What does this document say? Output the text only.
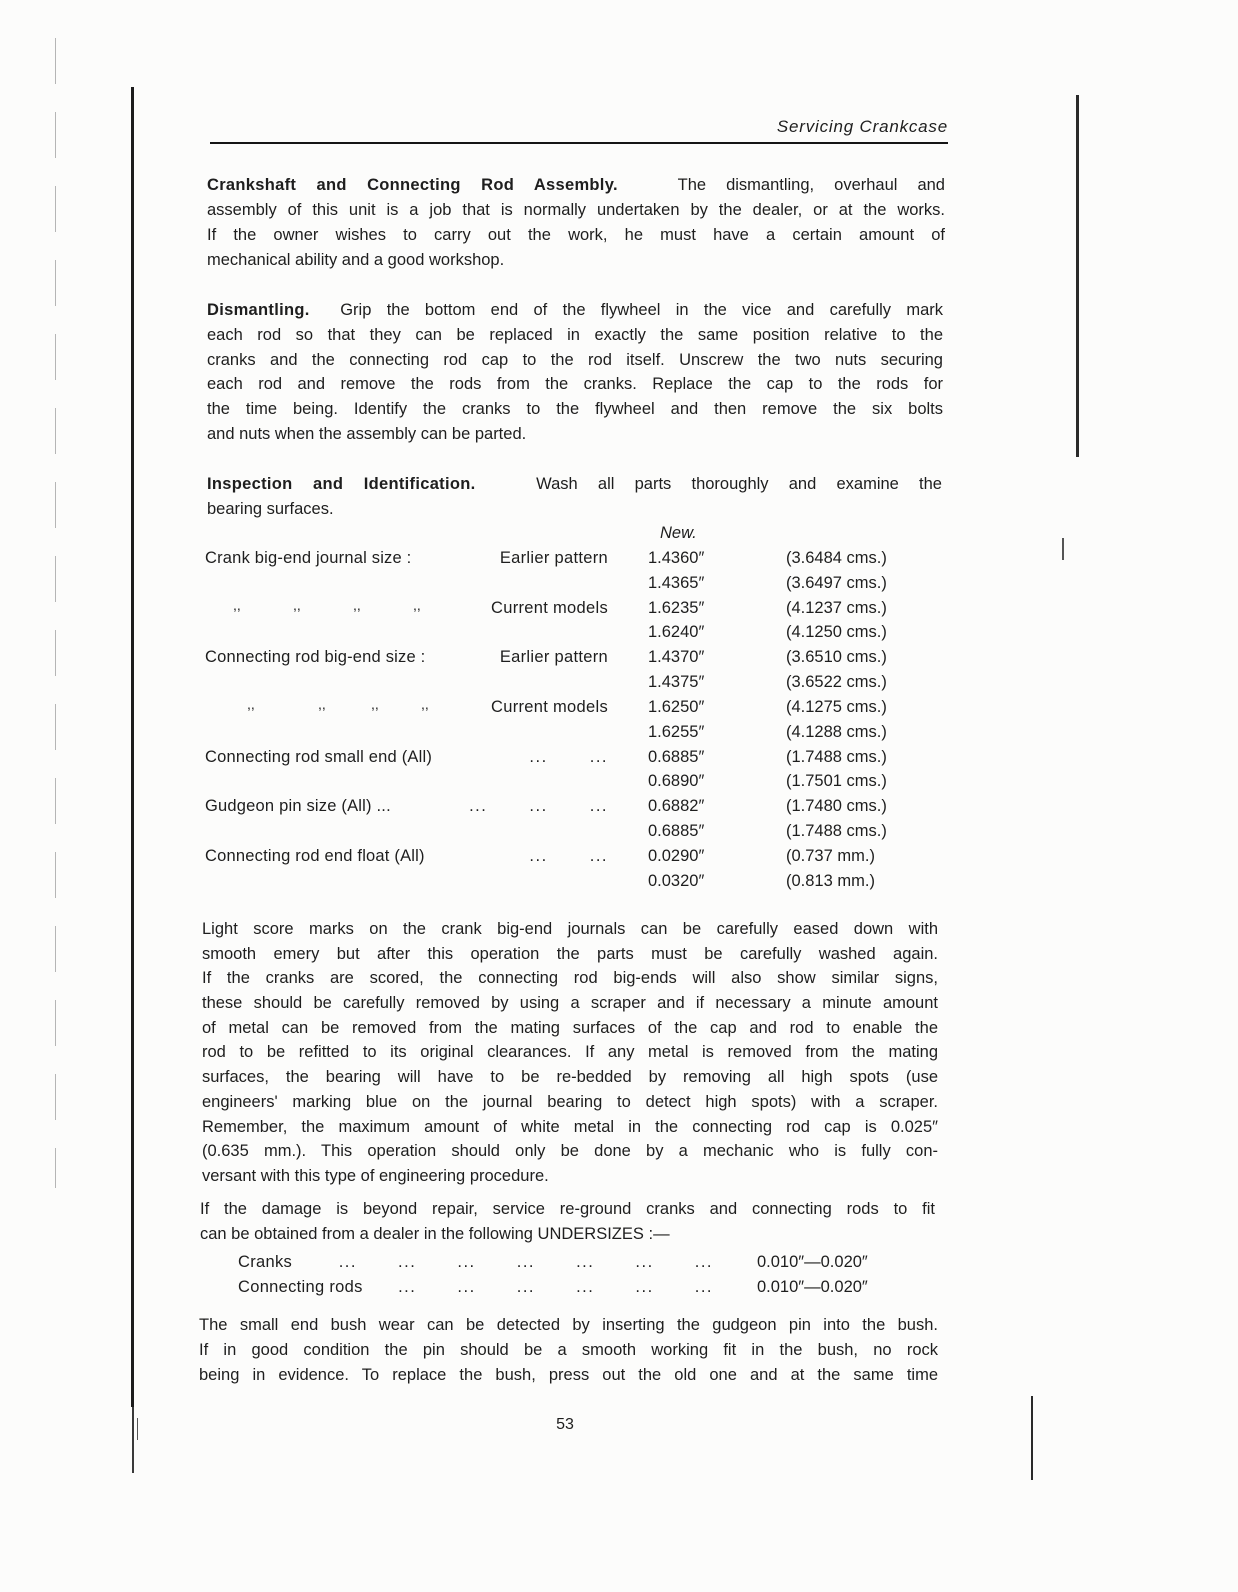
Servicing Crankcase
Crankshaft and Connecting Rod Assembly.	The dismantling, overhaul and
assembly of this unit is a job that is normally undertaken by the dealer, or at the works.
If the owner wishes to carry out the work, he must have a certain amount of
mechanical ability and a good workshop.
Dismantling. Grip the bottom end of the flywheel in the vice and carefully mark
each rod so that they can be replaced in exactly the same position relative to the
cranks and the connecting rod cap to the rod itself. Unscrew the two nuts securing
each rod and remove the rods from the cranks. Replace the cap to the rods for
the time being. Identify the cranks to the flywheel and then remove the six bolts
and nuts when the assembly can be parted.
Inspection and Identification.	Wash all parts thoroughly and examine the
bearing surfaces.
New.
Crank big-end journal size :	Earlier pattern 1.4360″	(3.6484 cms.)
1.4365″	(3.6497 cms.)
,,	,,	,,	,,	Current models 1.6235″	(4.1237 cms.)
1.6240″	(4.1250 cms.)
Connecting rod big-end size :	Earlier pattern 1.4370″	(3.6510 cms.)
1.4375″	(3.6522 cms.)
,,	,,	,,	,,	Current models 1.6250″	(4.1275 cms.)
1.6255″	(4.1288 cms.)
Connecting rod small end (All)	... ... 0.6885″	(1.7488 cms.)
0.6890″	(1.7501 cms.)
Gudgeon pin size (All) ...	... ... ... 0.6882″	(1.7480 cms.)
0.6885″	(1.7488 cms.)
Connecting rod end float (All)	... ... 0.0290″	(0.737 mm.)
0.0320″	(0.813 mm.)
Light score marks on the crank big-end journals can be carefully eased down with
smooth emery but after this operation the parts must be carefully washed again.
If the cranks are scored, the connecting rod big-ends will also show similar signs,
these should be carefully removed by using a scraper and if necessary a minute amount
of metal can be removed from the mating surfaces of the cap and rod to enable the
rod to be refitted to its original clearances. If any metal is removed from the mating
surfaces, the bearing will have to be re-bedded by removing all high spots (use
engineers' marking blue on the journal bearing to detect high spots) with a scraper.
Remember, the maximum amount of white metal in the connecting rod cap is 0.025″
(0.635 mm.). This operation should only be done by a mechanic who is fully con-
versant with this type of engineering procedure.
If the damage is beyond repair, service re-ground cranks and connecting rods to fit
can be obtained from a dealer in the following UNDERSIZES :—
Cranks	... ... ... ... ... ... ...	0.010″—0.020″
Connecting rods ... ... ... ... ... ...	0.010″—0.020″
The small end bush wear can be detected by inserting the gudgeon pin into the bush.
If in good condition the pin should be a smooth working fit in the bush, no rock
being in evidence. To replace the bush, press out the old one and at the same time
53
